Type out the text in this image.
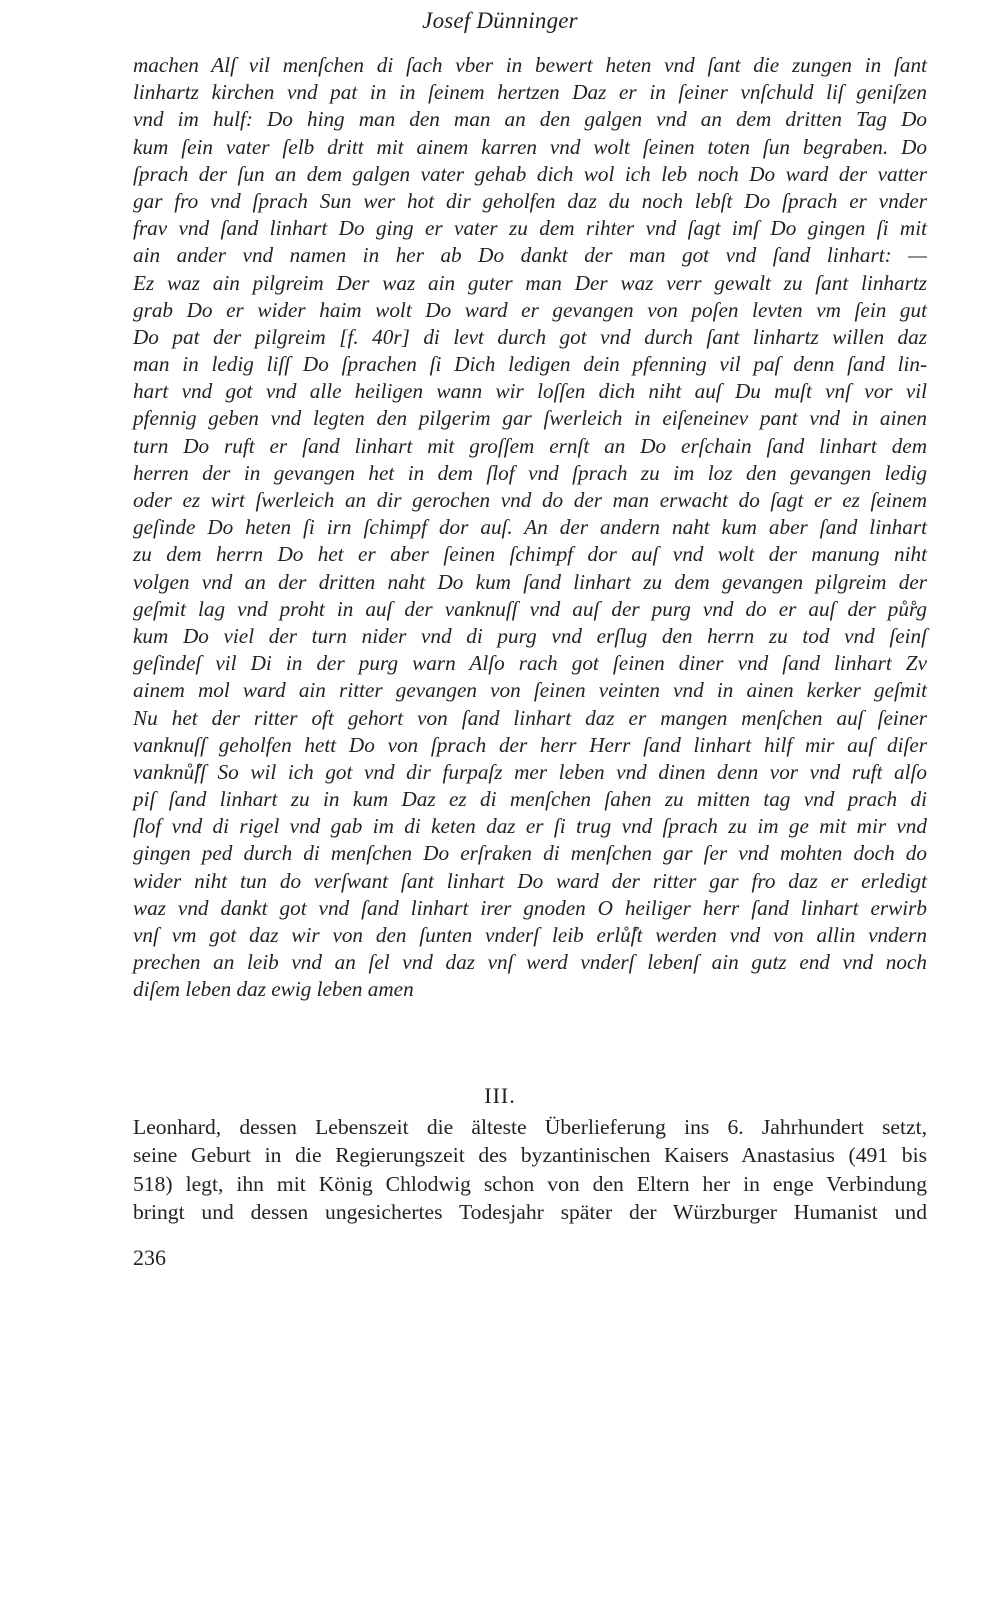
Josef Dünninger
machen Alſ vil menſchen di ſach vber in bewert heten vnd ſant die zungen in ſant
linhartz kirchen vnd pat in in ſeinem hertzen Daz er in ſeiner vnſchuld liſ geniſzen
vnd im hulf: Do hing man den man an den galgen vnd an dem dritten Tag Do
kum ſein vater ſelb dritt mit ainem karren vnd wolt ſeinen toten ſun begraben. Do
ſprach der ſun an dem galgen vater gehab dich wol ich leb noch Do ward der vatter
gar fro vnd ſprach Sun wer hot dir geholfen daz du noch lebſt Do ſprach er vnder
frav vnd ſand linhart Do ging er vater zu dem rihter vnd ſagt imſ Do gingen ſi mit
ain ander vnd namen in her ab Do dankt der man got vnd ſand linhart: —
Ez waz ain pilgreim Der waz ain guter man Der waz verr gewalt zu ſant linhartz
grab Do er wider haim wolt Do ward er gevangen von poſen levten vm ſein gut
Do pat der pilgreim [f. 40r] di levt durch got vnd durch ſant linhartz willen daz
man in ledig liſſ Do ſprachen ſi Dich ledigen dein pfenning vil paſ denn ſand lin-
hart vnd got vnd alle heiligen wann wir loſſen dich niht auſ Du muſt vnſ vor vil
pfennig geben vnd legten den pilgerim gar ſwerleich in eiſeneinev pant vnd in ainen
turn Do ruft er ſand linhart mit groſſem ernſt an Do erſchain ſand linhart dem
herren der in gevangen het in dem ſlof vnd ſprach zu im loz den gevangen ledig
oder ez wirt ſwerleich an dir gerochen vnd do der man erwacht do ſagt er ez ſeinem
geſinde Do heten ſi irn ſchimpf dor auſ. An der andern naht kum aber ſand linhart
zu dem herrn Do het er aber ſeinen ſchimpf dor auſ vnd wolt der manung niht
volgen vnd an der dritten naht Do kum ſand linhart zu dem gevangen pilgreim der
geſmit lag vnd proht in auſ der vanknuſſ vnd auſ der purg vnd do er auſ der pů̊rg
kum Do viel der turn nider vnd di purg vnd erſlug den herrn zu tod vnd ſeinſ
geſindeſ vil Di in der purg warn Alſo rach got ſeinen diner vnd ſand linhart Zv
ainem mol ward ain ritter gevangen von ſeinen veinten vnd in ainen kerker geſmit
Nu het der ritter oft gehort von ſand linhart daz er mangen menſchen auſ ſeiner
vanknuſſ geholfen hett Do von ſprach der herr Herr ſand linhart hilf mir auſ diſer
vanknů̊ſſ So wil ich got vnd dir furpaſz mer leben vnd dinen denn vor vnd ruft alſo
piſ ſand linhart zu in kum Daz ez di menſchen ſahen zu mitten tag vnd prach di
ſlof vnd di rigel vnd gab im di keten daz er ſi trug vnd ſprach zu im ge mit mir vnd
gingen ped durch di menſchen Do erſraken di menſchen gar ſer vnd mohten doch do
wider niht tun do verſwant ſant linhart Do ward der ritter gar fro daz er erledigt
waz vnd dankt got vnd ſand linhart irer gnoden O heiliger herr ſand linhart erwirb
vnſ vm got daz wir von den ſunten vnderſ leib erlů̊ſt werden vnd von allin vndern
prechen an leib vnd an ſel vnd daz vnſ werd vnderſ lebenſ ain gutz end vnd noch
diſem leben daz ewig leben amen
III.
Leonhard, dessen Lebenszeit die älteste Überlieferung ins 6. Jahrhundert setzt,
seine Geburt in die Regierungszeit des byzantinischen Kaisers Anastasius (491 bis
518) legt, ihn mit König Chlodwig schon von den Eltern her in enge Verbindung
bringt und dessen ungesichertes Todesjahr später der Würzburger Humanist und
236
